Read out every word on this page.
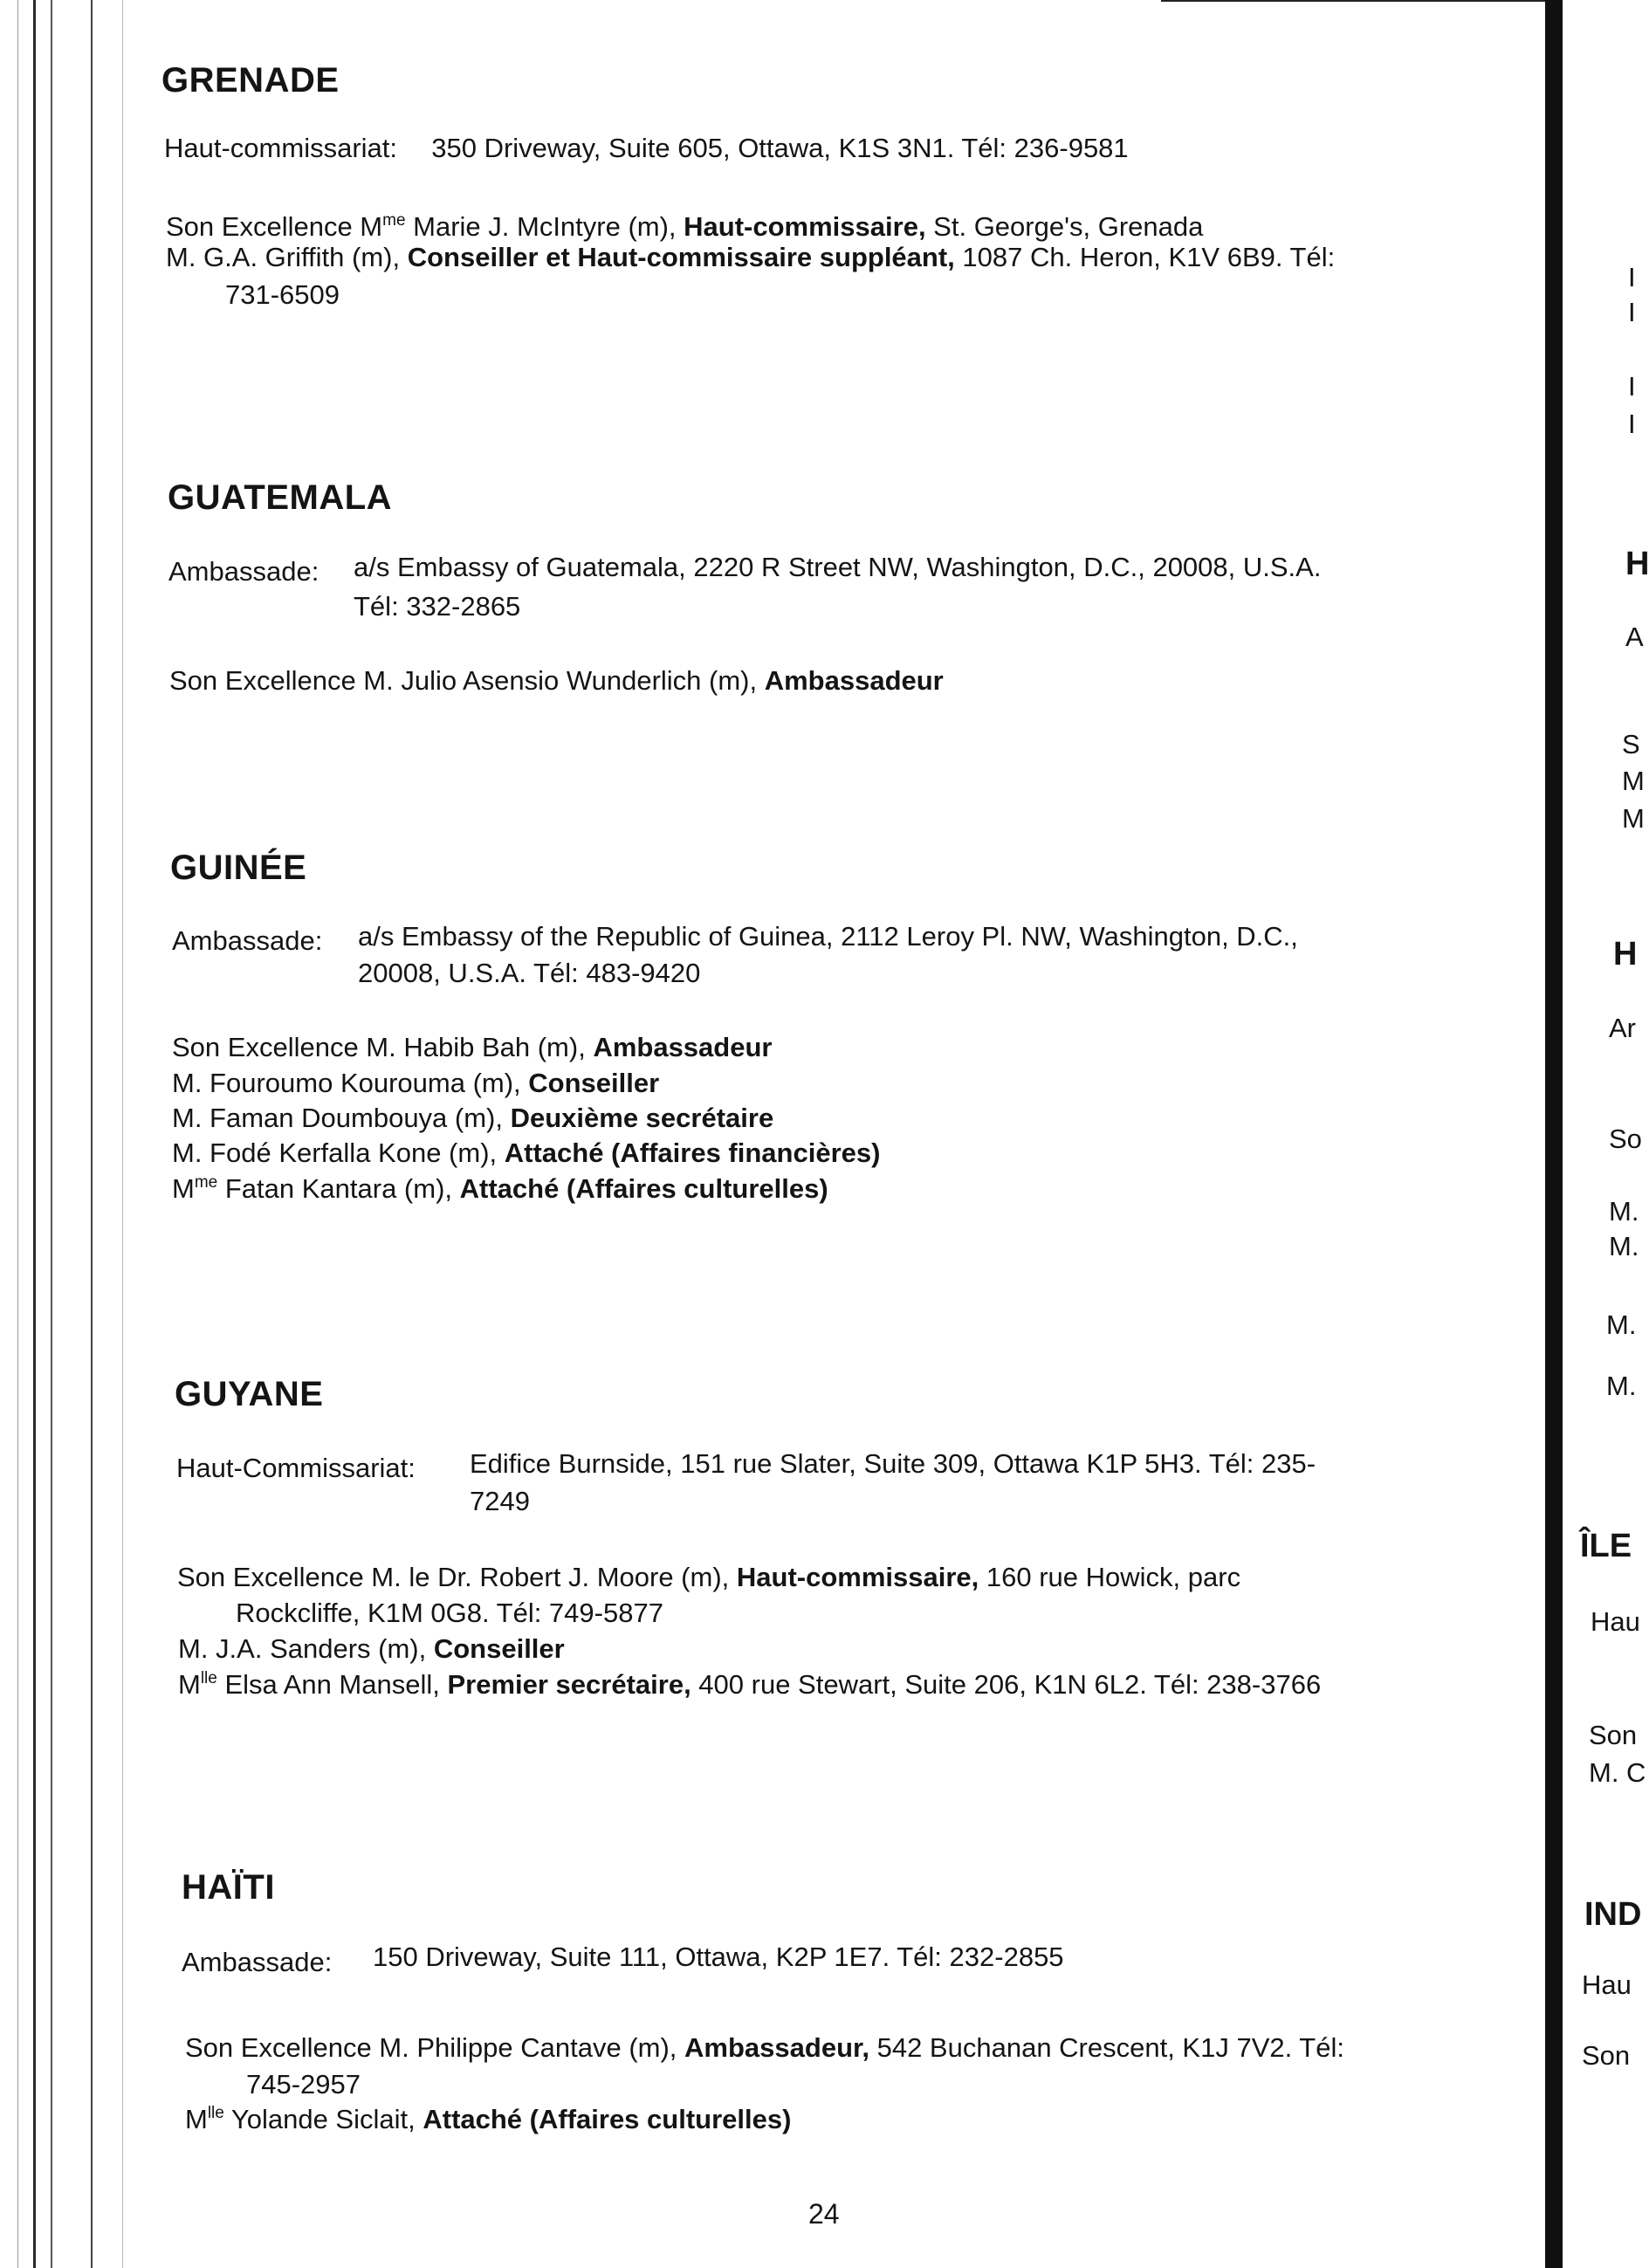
GRENADE
Haut-commissariat: 350 Driveway, Suite 605, Ottawa, K1S 3N1. Tél: 236-9581
Son Excellence $M^{me}$ Marie J. McIntyre (m), Haut-commissaire, St. George's, Grenada
M. G.A. Griffith (m), Conseiller et Haut-commissaire suppléant, 1087 Ch. Heron, K1V 6B9. Tél:
731-6509
GUATEMALA
Ambassade: a/s Embassy of Guatemala, 2220 R Street NW, Washington, D.C., 20008, U.S.A.
Tél: 332-2865
Son Excellence M. Julio Asensio Wunderlich (m), Ambassadeur
GUINÉE
Ambassade: a/s Embassy of the Republic of Guinea, 2112 Leroy Pl. NW, Washington, D.C.,
20008, U.S.A. Tél: 483-9420
Son Excellence M. Habib Bah (m), Ambassadeur
M. Fouroumo Kourouma (m), Conseiller
M. Faman Doumbouya (m), Deuxième secrétaire
M. Fodé Kerfalla Kone (m), Attaché (Affaires financières)
$M^{me}$ Fatan Kantara (m), Attaché (Affaires culturelles)
GUYANE
Haut-Commissariat: Edifice Burnside, 151 rue Slater, Suite 309, Ottawa K1P 5H3. Tél: 235-
7249
Son Excellence M. le Dr. Robert J. Moore (m), Haut-commissaire, 160 rue Howick, parc
Rockcliffe, K1M 0G8. Tél: 749-5877
M. J.A. Sanders (m), Conseiller
$M^{lle}$ Elsa Ann Mansell, Premier secrétaire, 400 rue Stewart, Suite 206, K1N 6L2. Tél: 238-3766
HAÏTI
Ambassade: 150 Driveway, Suite 111, Ottawa, K2P 1E7. Tél: 232-2855
Son Excellence M. Philippe Cantave (m), Ambassadeur, 542 Buchanan Crescent, K1J 7V2. Tél:
745-2957
$M^{lle}$ Yolande Siclait, Attaché (Affaires culturelles)
24
I
I
I
I
H
A
S
M
M
H
Ar
So
M.
M.
M.
M.
ÎLE
Hau
Son
M. C
IND
Hau
Son
